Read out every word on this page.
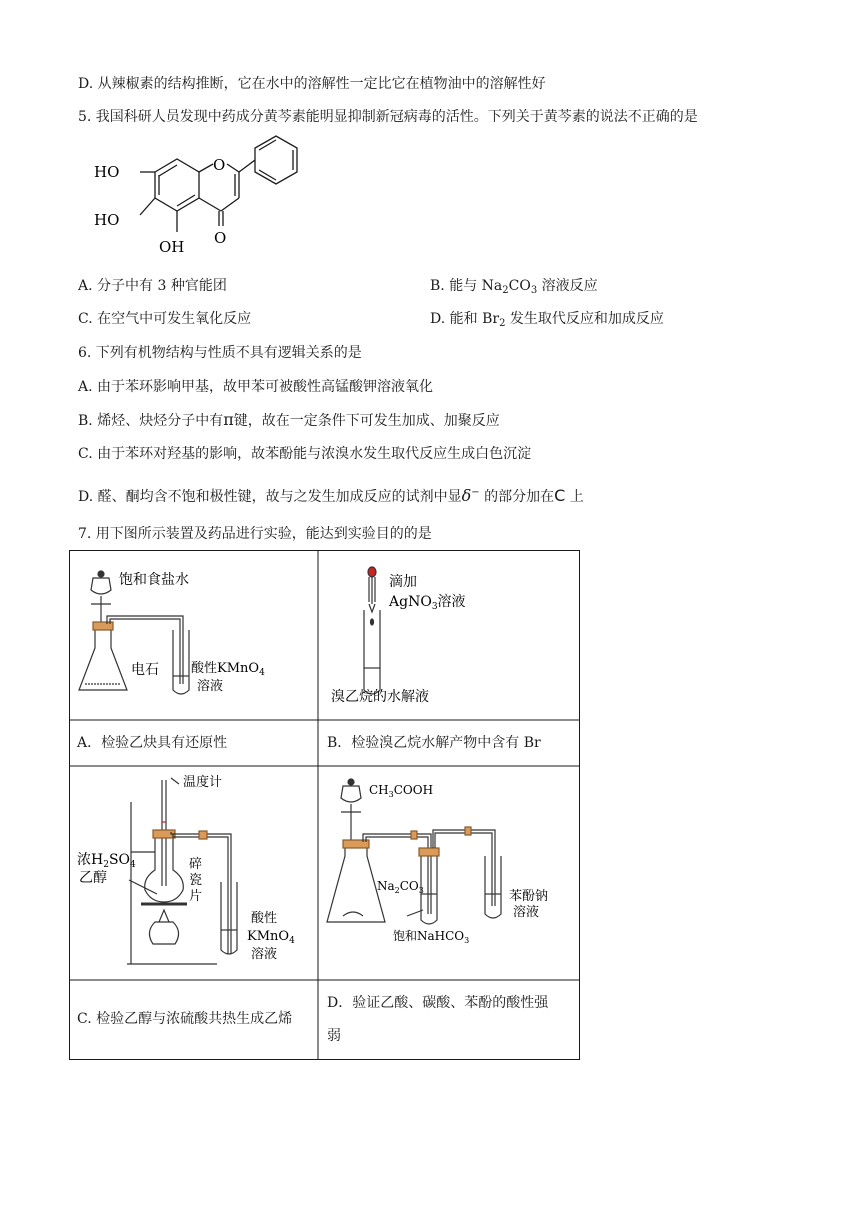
D. 从辣椒素的结构推断，它在水中的溶解性一定比它在植物油中的溶解性好
5. 我国科研人员发现中药成分黄芩素能明显抑制新冠病毒的活性。下列关于黄芩素的说法不正确的是
HO
HO
OH
O
O
A. 分子中有 3 种官能团	B. 能与 $Na_2CO_3$ 溶液反应
C. 在空气中可发生氧化反应	D. 能和 $Br_2$ 发生取代反应和加成反应
6. 下列有机物结构与性质不具有逻辑关系的是
A. 由于苯环影响甲基，故甲苯可被酸性高锰酸钾溶液氧化
B. 烯烃、炔烃分子中有π键，故在一定条件下可发生加成、加聚反应
C. 由于苯环对羟基的影响，故苯酚能与浓溴水发生取代反应生成白色沉淀
D. 醛、酮均含不饱和极性键，故与之发生加成反应的试剂中显δ− 的部分加在C 上
7. 用下图所示装置及药品进行实验，能达到实验目的的是
饱和食盐水
电石 酸性KMnO$_4$
溶液
滴加
AgNO$_3$溶液
溴乙烷的水解液
A．检验乙炔具有还原性	B．检验溴乙烷水解产物中含有 Br
温度计
浓$H_2SO_4$
乙醇
碎
瓷
片
酸性
KMnO$_4$
溶液
$CH_3COOH$
$Na_2CO_3$
饱和NaHCO$_3$
苯酚钠
溶液
C. 检验乙醇与浓硫酸共热生成乙烯
D．验证乙酸、碳酸、苯酚的酸性强
弱
